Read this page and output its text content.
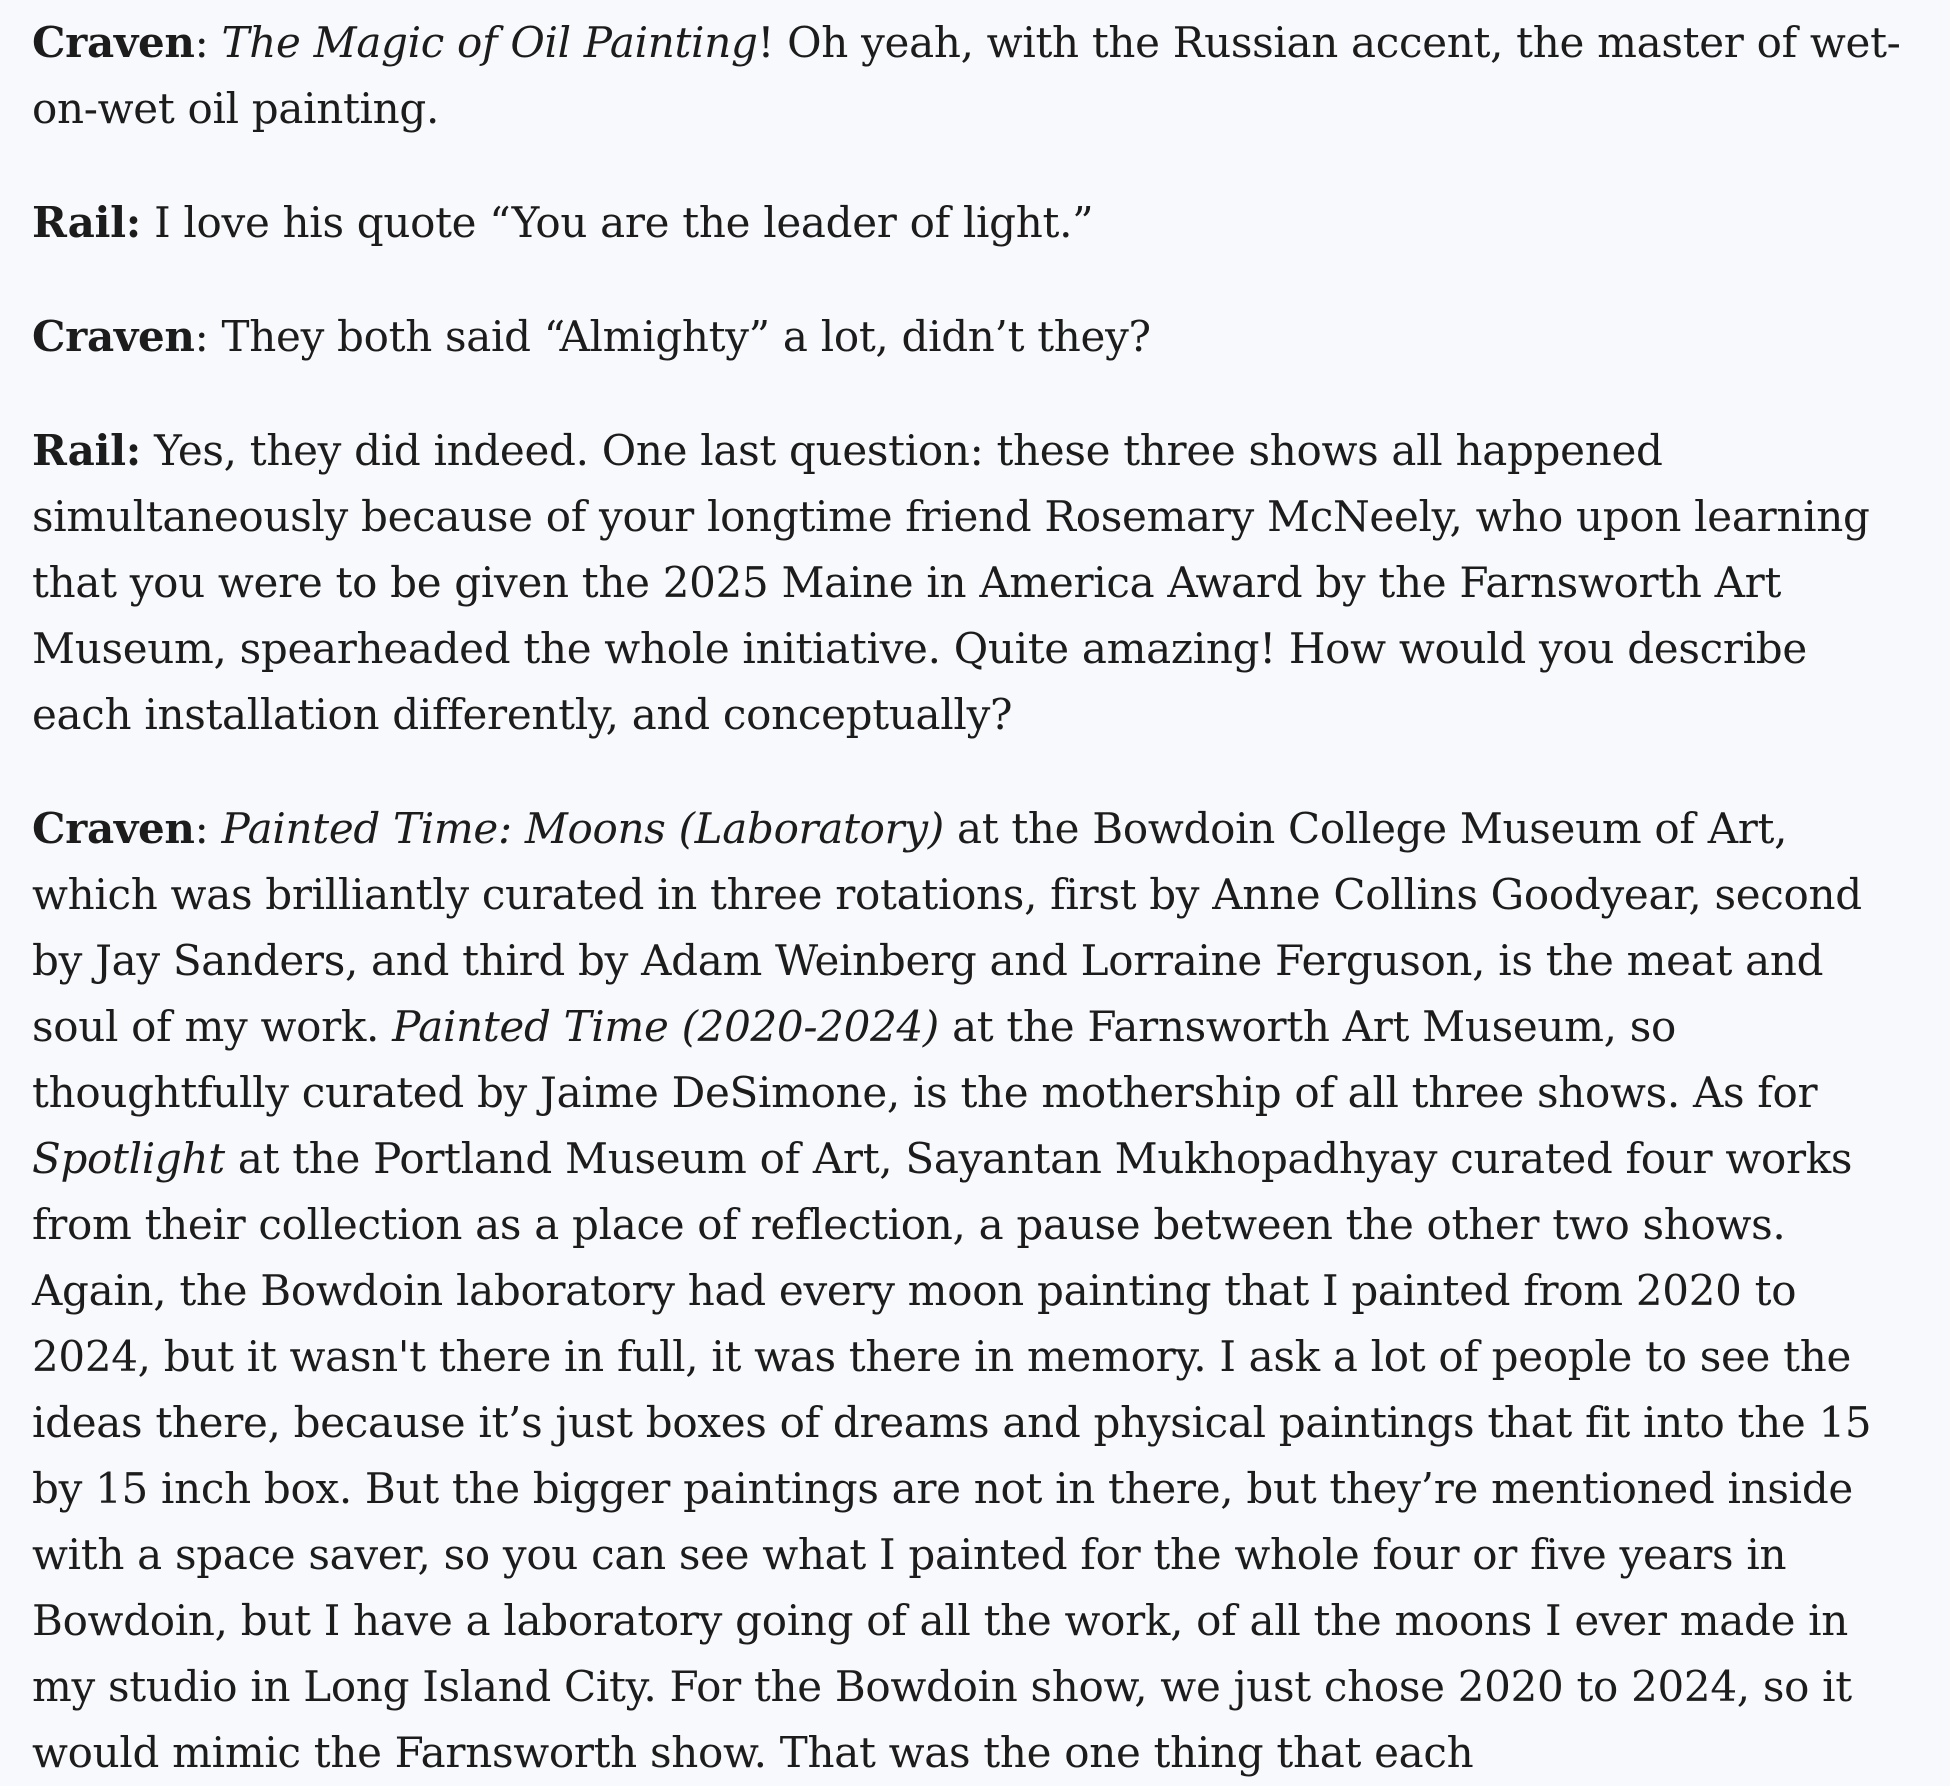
Craven: The Magic of Oil Painting! Oh yeah, with the Russian accent, the master of wet-on-wet oil painting.

Rail: I love his quote “You are the leader of light.”

Craven: They both said “Almighty” a lot, didn’t they?

Rail: Yes, they did indeed. One last question: these three shows all happened simultaneously because of your longtime friend Rosemary McNeely, who upon learning that you were to be given the 2025 Maine in America Award by the Farnsworth Art Museum, spearheaded the whole initiative. Quite amazing! How would you describe each installation differently, and conceptually?

Craven: Painted Time: Moons (Laboratory) at the Bowdoin College Museum of Art, which was brilliantly curated in three rotations, first by Anne Collins Goodyear, second by Jay Sanders, and third by Adam Weinberg and Lorraine Ferguson, is the meat and soul of my work. Painted Time (2020-2024) at the Farnsworth Art Museum, so thoughtfully curated by Jaime DeSimone, is the mothership of all three shows. As for Spotlight at the Portland Museum of Art, Sayantan Mukhopadhyay curated four works from their collection as a place of reflection, a pause between the other two shows. Again, the Bowdoin laboratory had every moon painting that I painted from 2020 to 2024, but it wasn't there in full, it was there in memory. I ask a lot of people to see the ideas there, because it’s just boxes of dreams and physical paintings that fit into the 15 by 15 inch box. But the bigger paintings are not in there, but they’re mentioned inside with a space saver, so you can see what I painted for the whole four or five years in Bowdoin, but I have a laboratory going of all the work, of all the moons I ever made in my studio in Long Island City. For the Bowdoin show, we just chose 2020 to 2024, so it would mimic the Farnsworth show. That was the one thing that each
